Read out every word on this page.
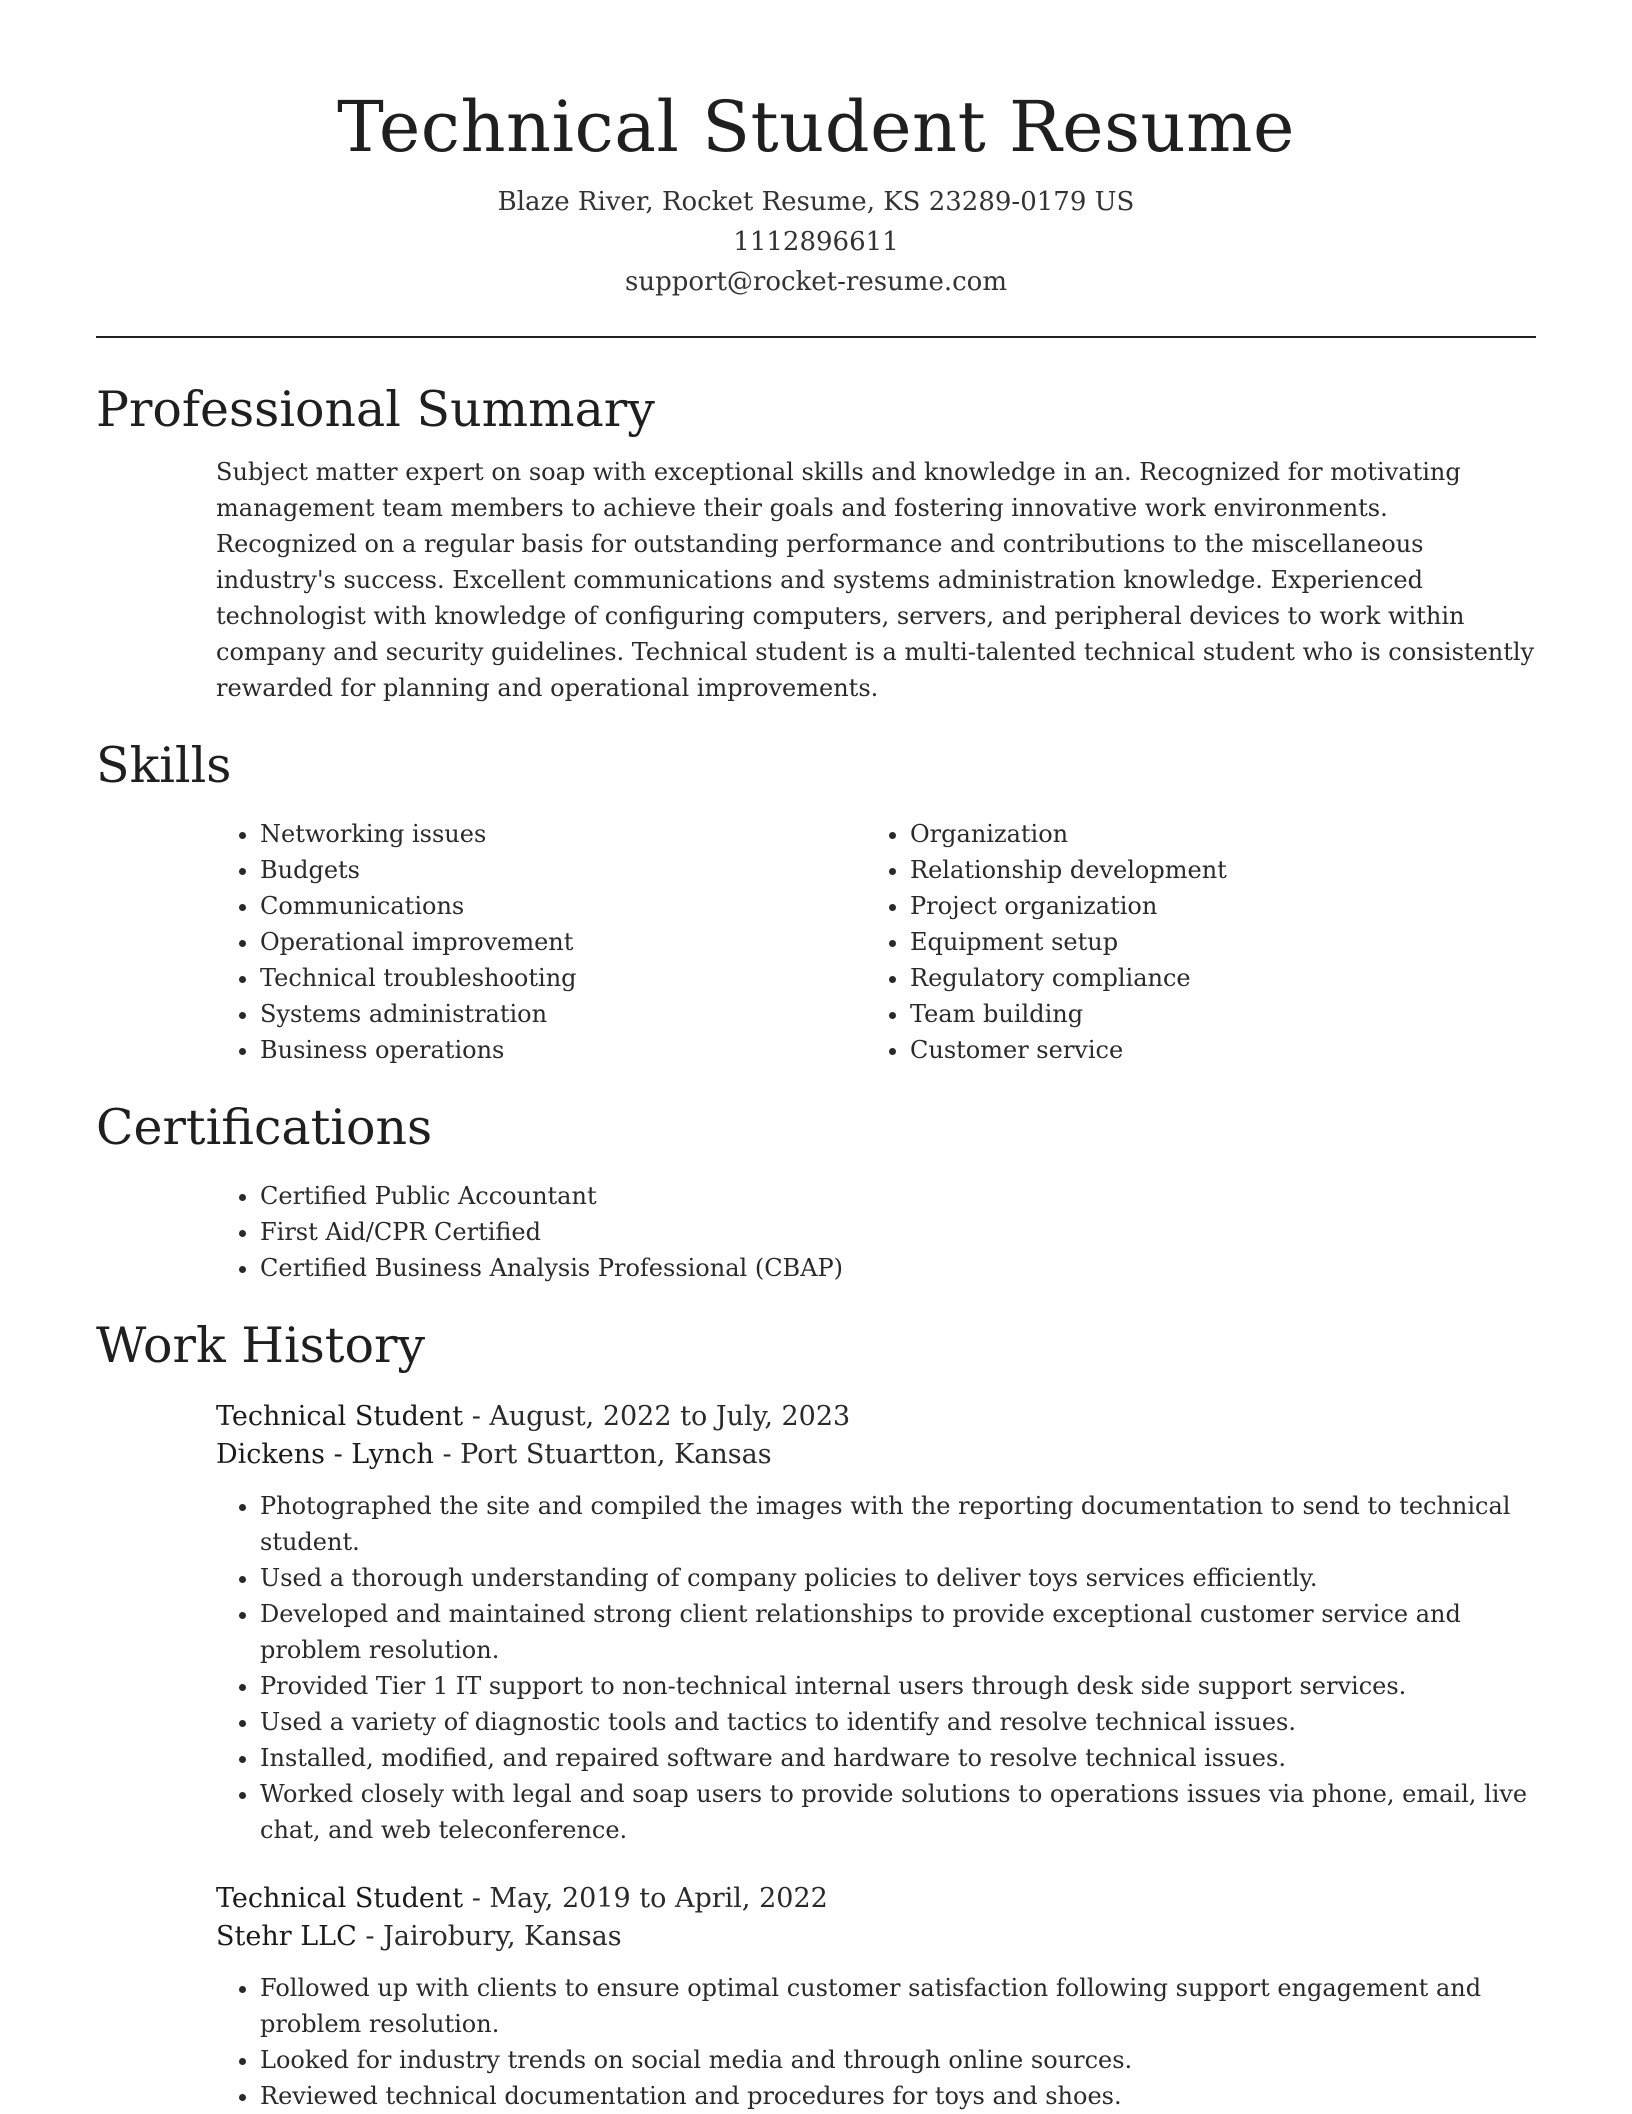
Technical Student Resume

Blaze River, Rocket Resume, KS 23289-0179 US

1112896611

support@rocket-resume.com

Professional Summary

Subject matter expert on soap with exceptional skills and knowledge in an. Recognized for motivating management team members to achieve their goals and fostering innovative work environments. Recognized on a regular basis for outstanding performance and contributions to the miscellaneous industry's success. Excellent communications and systems administration knowledge. Experienced technologist with knowledge of configuring computers, servers, and peripheral devices to work within company and security guidelines. Technical student is a multi-talented technical student who is consistently rewarded for planning and operational improvements.

Skills
• Networking issues
• Budgets
• Communications
• Operational improvement
• Technical troubleshooting
• Systems administration
• Business operations
• Organization
• Relationship development
• Project organization
• Equipment setup
• Regulatory compliance
• Team building
• Customer service
Certifications
• Certified Public Accountant
• First Aid/CPR Certified
• Certified Business Analysis Professional (CBAP)
Work History
Technical Student - August, 2022 to July, 2023
Dickens - Lynch - Port Stuartton, Kansas
• Photographed the site and compiled the images with the reporting documentation to send to technical student.
• Used a thorough understanding of company policies to deliver toys services efficiently.
• Developed and maintained strong client relationships to provide exceptional customer service and problem resolution.
• Provided Tier 1 IT support to non-technical internal users through desk side support services.
• Used a variety of diagnostic tools and tactics to identify and resolve technical issues.
• Installed, modified, and repaired software and hardware to resolve technical issues.
• Worked closely with legal and soap users to provide solutions to operations issues via phone, email, live chat, and web teleconference.
Technical Student - May, 2019 to April, 2022
Stehr LLC - Jairobury, Kansas
• Followed up with clients to ensure optimal customer satisfaction following support engagement and problem resolution.
• Looked for industry trends on social media and through online sources.
• Reviewed technical documentation and procedures for toys and shoes.
